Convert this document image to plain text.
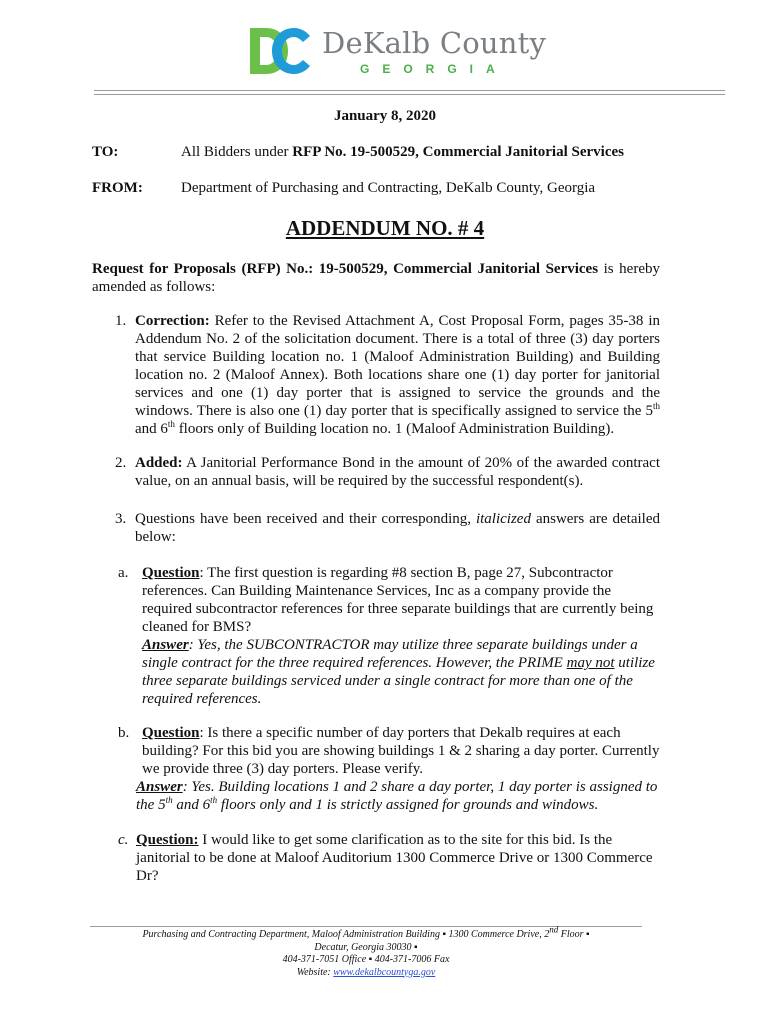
DeKalb County
GEORGIA
January 8, 2020
TO:	All Bidders under RFP No. 19-500529, Commercial Janitorial Services
FROM:	Department of Purchasing and Contracting, DeKalb County, Georgia
ADDENDUM NO. # 4
Request for Proposals (RFP) No.: 19-500529, Commercial Janitorial Services is hereby amended as follows:
1. Correction: Refer to the Revised Attachment A, Cost Proposal Form, pages 35-38 in Addendum No. 2 of the solicitation document. There is a total of three (3) day porters that service Building location no. 1 (Maloof Administration Building) and Building location no. 2 (Maloof Annex). Both locations share one (1) day porter for janitorial services and one (1) day porter that is assigned to service the grounds and the windows. There is also one (1) day porter that is specifically assigned to service the 5th and 6th floors only of Building location no. 1 (Maloof Administration Building).
2. Added: A Janitorial Performance Bond in the amount of 20% of the awarded contract value, on an annual basis, will be required by the successful respondent(s).
3. Questions have been received and their corresponding, italicized answers are detailed below:
a. Question: The first question is regarding #8 section B, page 27, Subcontractor references. Can Building Maintenance Services, Inc as a company provide the required subcontractor references for three separate buildings that are currently being cleaned for BMS?
Answer: Yes, the SUBCONTRACTOR may utilize three separate buildings under a single contract for the three required references. However, the PRIME may not utilize three separate buildings serviced under a single contract for more than one of the required references.
b. Question: Is there a specific number of day porters that Dekalb requires at each building? For this bid you are showing buildings 1 & 2 sharing a day porter. Currently we provide three (3) day porters. Please verify.
Answer: Yes. Building locations 1 and 2 share a day porter, 1 day porter is assigned to the 5th and 6th floors only and 1 is strictly assigned for grounds and windows.
c. Question: I would like to get some clarification as to the site for this bid. Is the janitorial to be done at Maloof Auditorium 1300 Commerce Drive or 1300 Commerce Dr?
Purchasing and Contracting Department, Maloof Administration Building ▪ 1300 Commerce Drive, 2nd Floor ▪
Decatur, Georgia 30030 ▪
404-371-7051 Office ▪ 404-371-7006 Fax
Website: www.dekalbcountyga.gov
